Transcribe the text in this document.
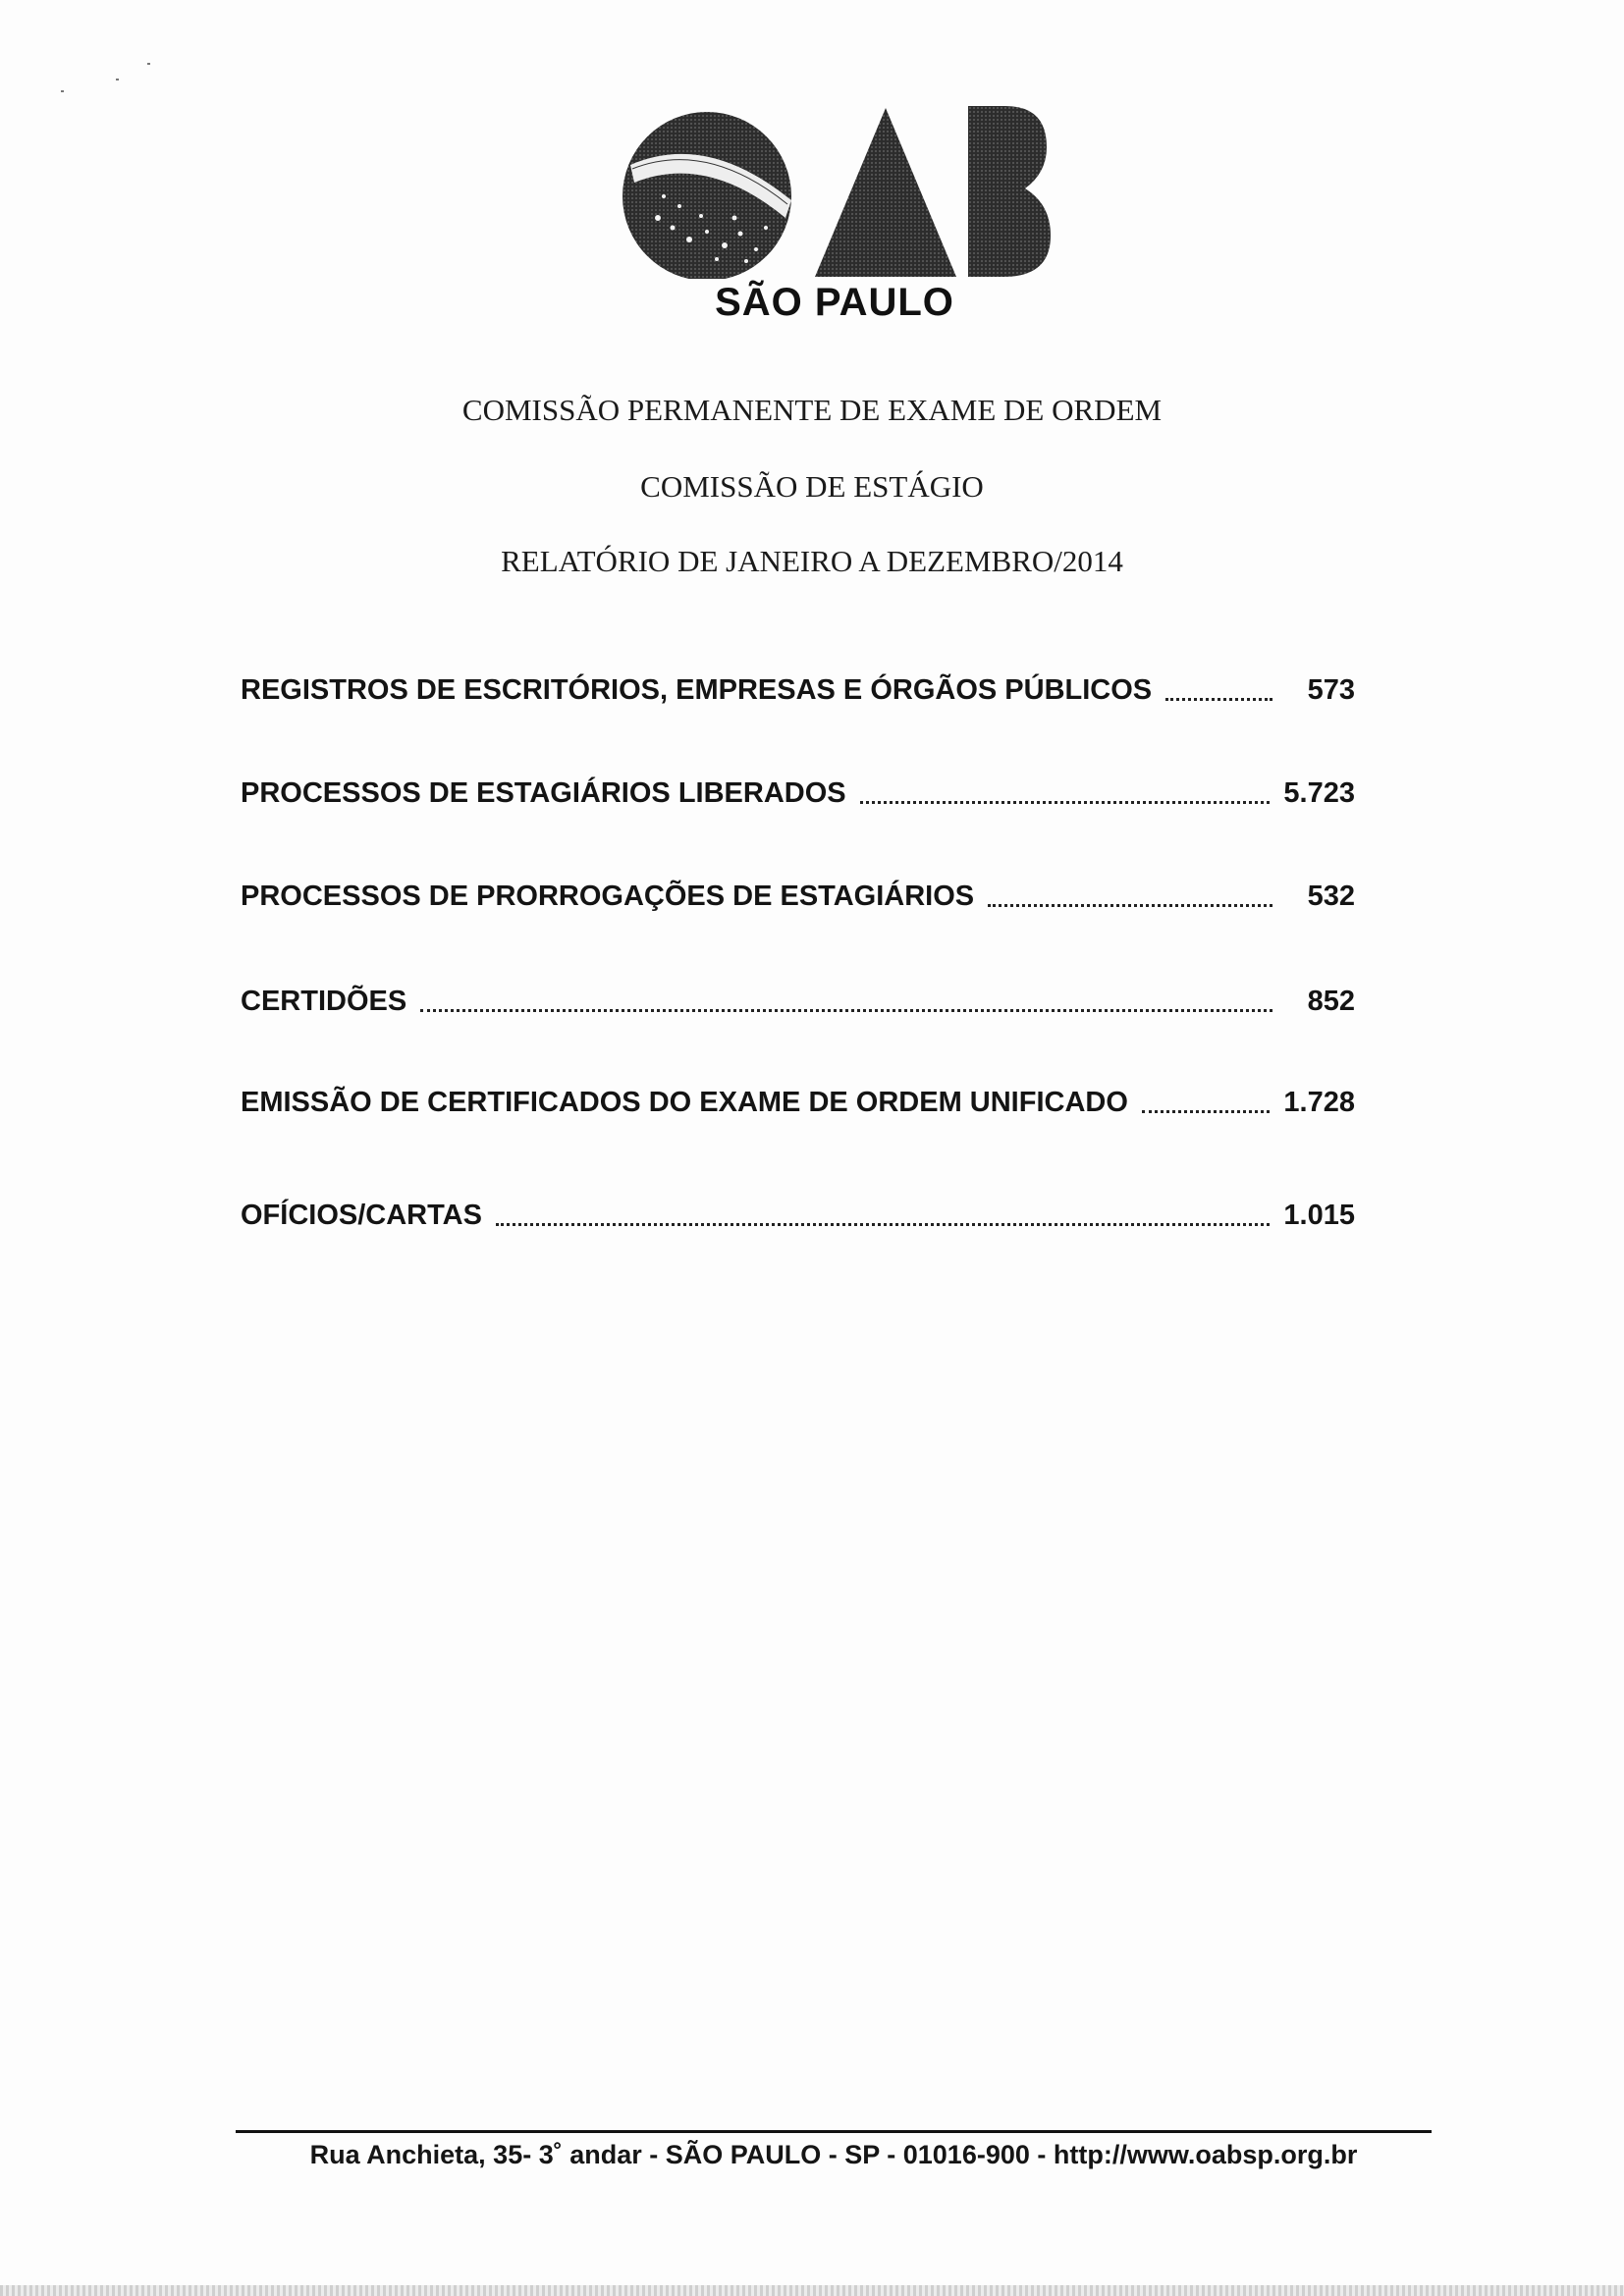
SÃO PAULO
COMISSÃO PERMANENTE DE EXAME DE ORDEM
COMISSÃO DE ESTÁGIO
RELATÓRIO DE JANEIRO A DEZEMBRO/2014
REGISTROS DE ESCRITÓRIOS, EMPRESAS E ÓRGÃOS PÚBLICOS	573
PROCESSOS DE ESTAGIÁRIOS LIBERADOS	5.723
PROCESSOS DE PRORROGAÇÕES DE ESTAGIÁRIOS	532
CERTIDÕES	852
EMISSÃO DE CERTIFICADOS DO EXAME DE ORDEM UNIFICADO	1.728
OFÍCIOS/CARTAS	1.015
Rua Anchieta, 35- 3˚ andar - SÃO PAULO - SP - 01016-900 - http://www.oabsp.org.br
